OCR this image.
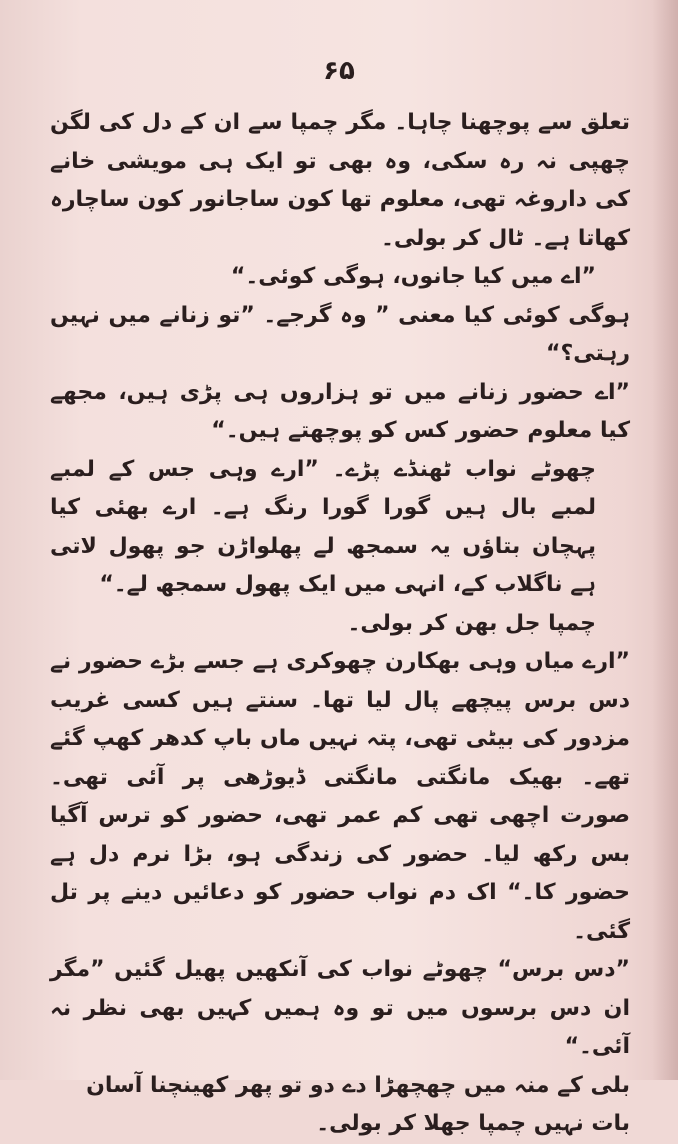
۶۵

تعلق سے پوچھنا چاہا۔ مگر چمپا سے ان کے دل کی لگن چھپی نہ رہ سکی، وہ بھی تو ایک ہی مویشی خانے کی داروغہ تھی، معلوم تھا کون ساجانور کون ساچارہ کھاتا ہے۔ ٹال کر بولی۔

”اے میں کیا جانوں، ہوگی کوئی۔“

ہوگی کوئی کیا معنی ” وہ گرجے۔ ”تو زنانے میں نہیں رہتی؟“

”اے حضور زنانے میں تو ہزاروں ہی پڑی ہیں، مجھے کیا معلوم حضور کس کو پوچھتے ہیں۔“

چھوٹے نواب ٹھنڈے پڑے۔ ”ارے وہی جس کے لمبے لمبے بال ہیں گورا گورا رنگ ہے۔ ارے بھئی کیا پہچان بتاؤں یہ سمجھ لے پھلواڑن جو پھول لاتی ہے ناگلاب کے، انہی میں ایک پھول سمجھ لے۔“

چمپا جل بھن کر بولی۔

”ارے میاں وہی بھکارن چھوکری ہے جسے بڑے حضور نے دس برس پیچھے پال لیا تھا۔ سنتے ہیں کسی غریب مزدور کی بیٹی تھی، پتہ نہیں ماں باپ کدھر کھپ گئے تھے۔ بھیک مانگتی مانگتی ڈیوڑھی پر آئی تھی۔ صورت اچھی تھی کم عمر تھی، حضور کو ترس آگیا بس رکھ لیا۔ حضور کی زندگی ہو، بڑا نرم دل ہے حضور کا۔“ اک دم نواب حضور کو دعائیں دینے پر تل گئی۔

”دس برس“ چھوٹے نواب کی آنکھیں پھیل گئیں ”مگر ان دس برسوں میں تو وہ ہمیں کہیں بھی نظر نہ آئی۔“

بلی کے منہ میں چھچھڑا دے دو تو پھر کھینچنا آسان بات نہیں چمپا جھلا کر بولی۔
